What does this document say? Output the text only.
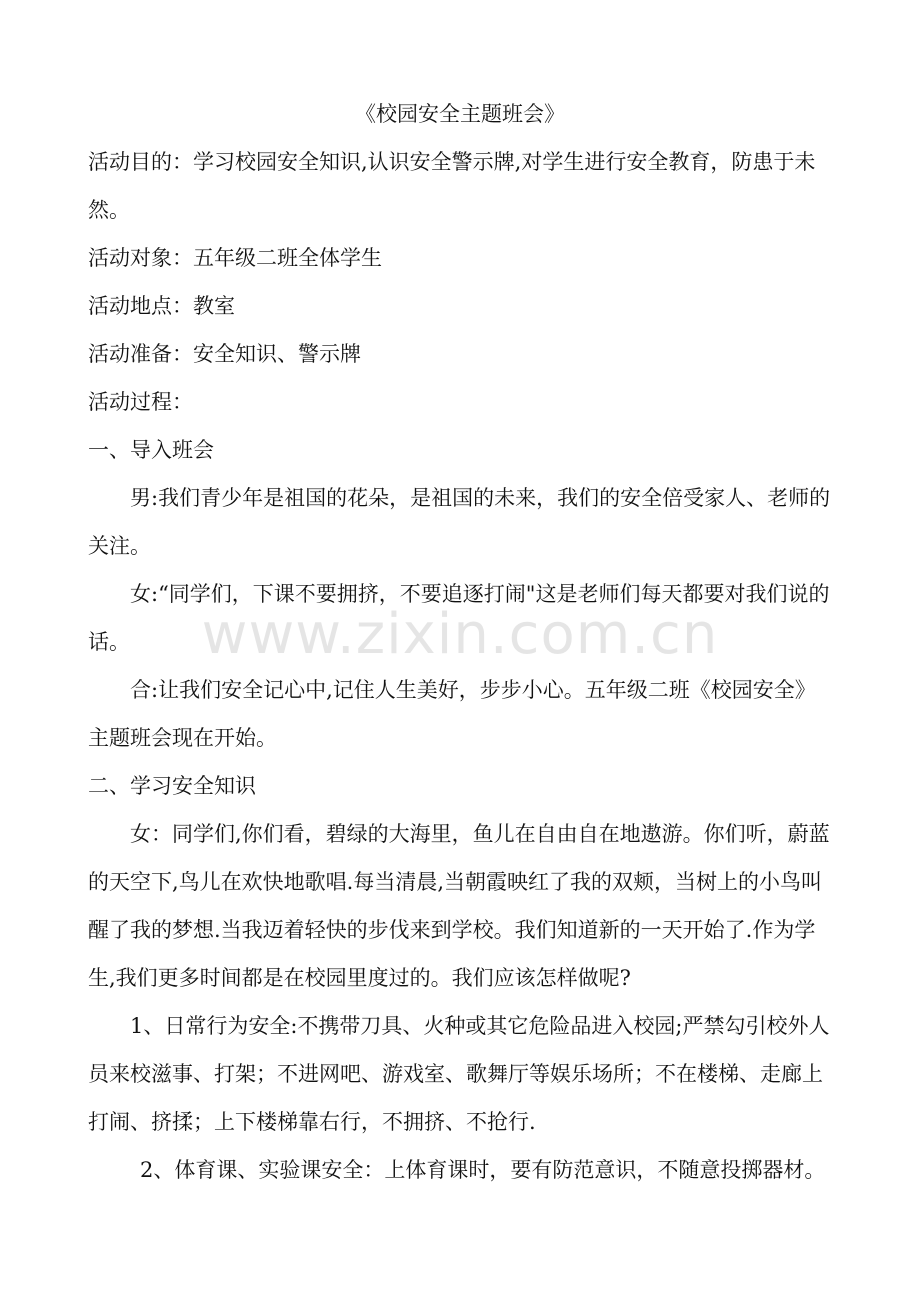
《校园安全主题班会》

活动目的：学习校园安全知识,认识安全警示牌,对学生进行安全教育，防患于未然。

活动对象：五年级二班全体学生

活动地点：教室

活动准备：安全知识、警示牌

活动过程：

一、导入班会

男:我们青少年是祖国的花朵，是祖国的未来，我们的安全倍受家人、老师的关注。

女:“同学们，下课不要拥挤，不要追逐打闹"这是老师们每天都要对我们说的话。

合:让我们安全记心中,记住人生美好，步步小心。五年级二班《校园安全》主题班会现在开始。

二、学习安全知识

女：同学们,你们看，碧绿的大海里，鱼儿在自由自在地遨游。你们听，蔚蓝的天空下,鸟儿在欢快地歌唱.每当清晨,当朝霞映红了我的双颊，当树上的小鸟叫醒了我的梦想.当我迈着轻快的步伐来到学校。我们知道新的一天开始了.作为学生,我们更多时间都是在校园里度过的。我们应该怎样做呢?

1、日常行为安全:不携带刀具、火种或其它危险品进入校园;严禁勾引校外人员来校滋事、打架；不进网吧、游戏室、歌舞厅等娱乐场所；不在楼梯、走廊上打闹、挤揉；上下楼梯靠右行，不拥挤、不抢行.

2、体育课、实验课安全：上体育课时，要有防范意识，不随意投掷器材。

www.zixin.com.cn
